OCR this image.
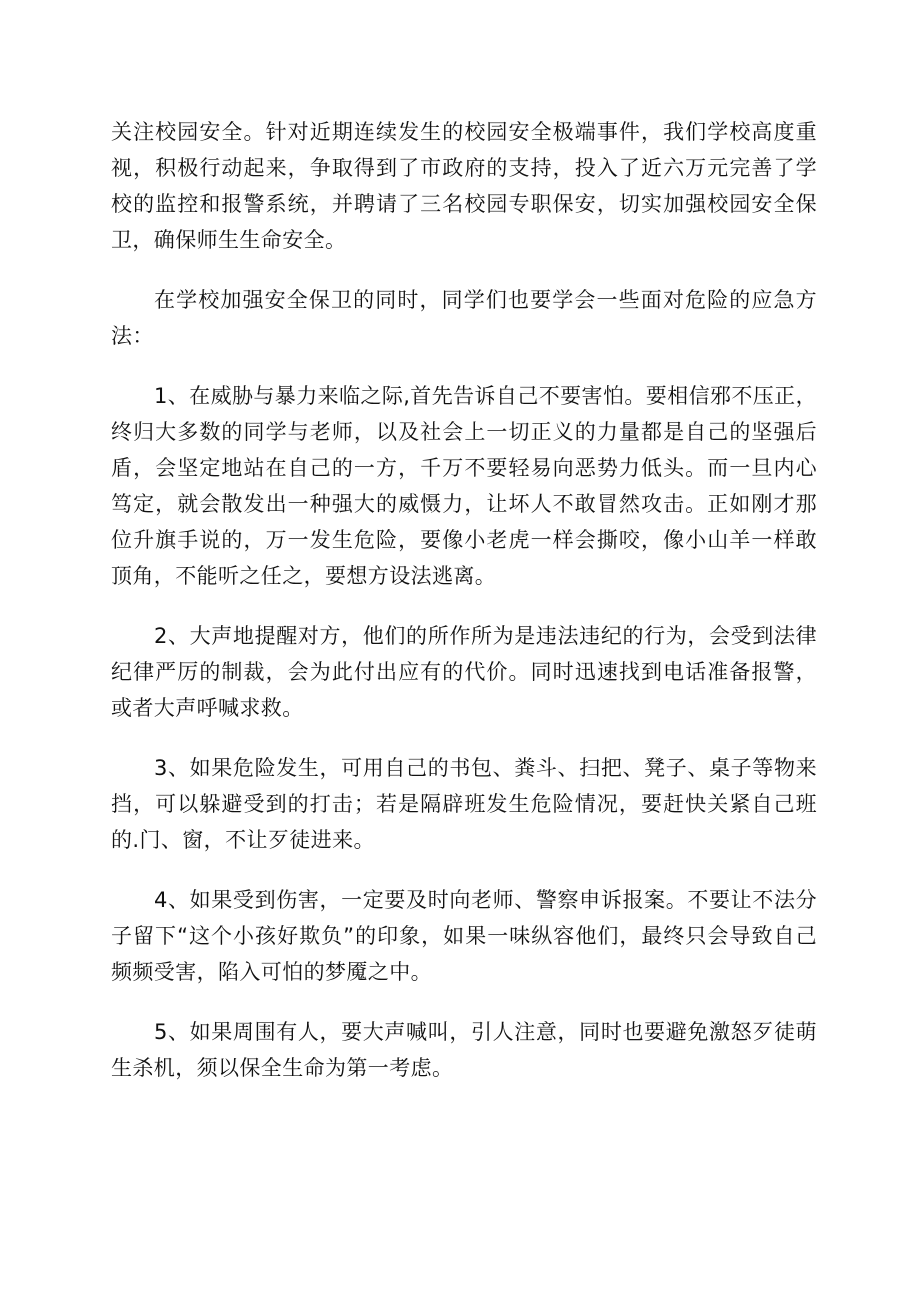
关注校园安全。针对近期连续发生的校园安全极端事件，我们学校高度重视，积极行动起来，争取得到了市政府的支持，投入了近六万元完善了学校的监控和报警系统，并聘请了三名校园专职保安，切实加强校园安全保卫，确保师生生命安全。

在学校加强安全保卫的同时，同学们也要学会一些面对危险的应急方法：

1、在威胁与暴力来临之际,首先告诉自己不要害怕。要相信邪不压正，终归大多数的同学与老师，以及社会上一切正义的力量都是自己的坚强后盾，会坚定地站在自己的一方，千万不要轻易向恶势力低头。而一旦内心笃定，就会散发出一种强大的威慑力，让坏人不敢冒然攻击。正如刚才那位升旗手说的，万一发生危险，要像小老虎一样会撕咬，像小山羊一样敢顶角，不能听之任之，要想方设法逃离。

2、大声地提醒对方，他们的所作所为是违法违纪的行为，会受到法律纪律严厉的制裁，会为此付出应有的代价。同时迅速找到电话准备报警，或者大声呼喊求救。

3、如果危险发生，可用自己的书包、粪斗、扫把、凳子、桌子等物来挡，可以躲避受到的打击；若是隔辟班发生危险情况，要赶快关紧自己班的.门、窗，不让歹徒进来。

4、如果受到伤害，一定要及时向老师、警察申诉报案。不要让不法分子留下“这个小孩好欺负”的印象，如果一味纵容他们，最终只会导致自己频频受害，陷入可怕的梦魇之中。

5、如果周围有人，要大声喊叫，引人注意，同时也要避免激怒歹徒萌生杀机，须以保全生命为第一考虑。
